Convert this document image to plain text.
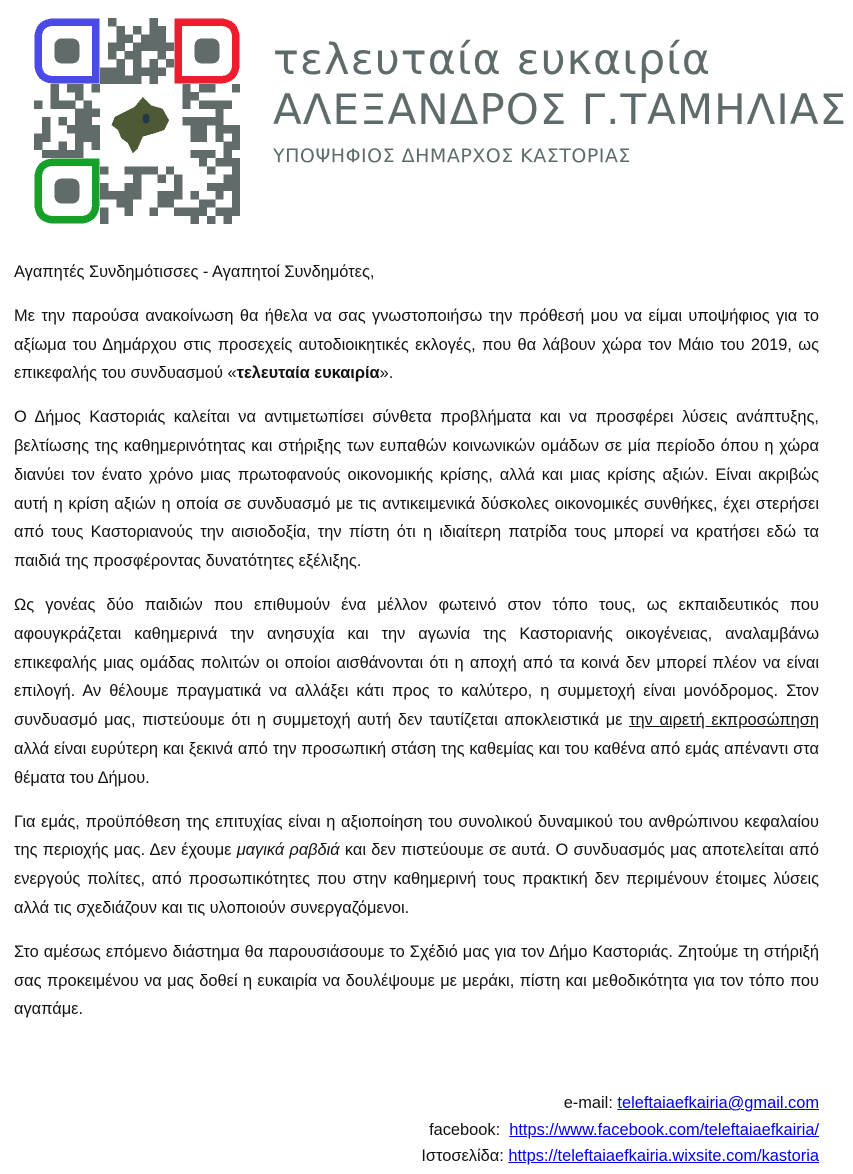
τελευταία ευκαιρία
ΑΛΕΞΑΝΔΡΟΣ Γ.ΤΑΜΗΛΙΑΣ
ΥΠΟΨΗΦΙΟΣ ΔΗΜΑΡΧΟΣ ΚΑΣΤΟΡΙΑΣ

Αγαπητές Συνδημότισσες - Αγαπητοί Συνδημότες,

Με την παρούσα ανακοίνωση θα ήθελα να σας γνωστοποιήσω την πρόθεσή μου να είμαι υποψήφιος για το αξίωμα του Δημάρχου στις προσεχείς αυτοδιοικητικές εκλογές, που θα λάβουν χώρα τον Μάιο του 2019, ως επικεφαλής του συνδυασμού «τελευταία ευκαιρία».

Ο Δήμος Καστοριάς καλείται να αντιμετωπίσει σύνθετα προβλήματα και να προσφέρει λύσεις ανάπτυξης, βελτίωσης της καθημερινότητας και στήριξης των ευπαθών κοινωνικών ομάδων σε μία περίοδο όπου η χώρα διανύει τον ένατο χρόνο μιας πρωτοφανούς οικονομικής κρίσης, αλλά και μιας κρίσης αξιών. Είναι ακριβώς αυτή η κρίση αξιών η οποία σε συνδυασμό με τις αντικειμενικά δύσκολες οικονομικές συνθήκες, έχει στερήσει από τους Καστοριανούς την αισιοδοξία, την πίστη ότι η ιδιαίτερη πατρίδα τους μπορεί να κρατήσει εδώ τα παιδιά της προσφέροντας δυνατότητες εξέλιξης.

Ως γονέας δύο παιδιών που επιθυμούν ένα μέλλον φωτεινό στον τόπο τους, ως εκπαιδευτικός που αφουγκράζεται καθημερινά την ανησυχία και την αγωνία της Καστοριανής οικογένειας, αναλαμβάνω επικεφαλής μιας ομάδας πολιτών οι οποίοι αισθάνονται ότι η αποχή από τα κοινά δεν μπορεί πλέον να είναι επιλογή. Αν θέλουμε πραγματικά να αλλάξει κάτι προς το καλύτερο, η συμμετοχή είναι μονόδρομος. Στον συνδυασμό μας, πιστεύουμε ότι η συμμετοχή αυτή δεν ταυτίζεται αποκλειστικά με την αιρετή εκπροσώπηση αλλά είναι ευρύτερη και ξεκινά από την προσωπική στάση της καθεμίας και του καθένα από εμάς απέναντι στα θέματα του Δήμου.

Για εμάς, προϋπόθεση της επιτυχίας είναι η αξιοποίηση του συνολικού δυναμικού του ανθρώπινου κεφαλαίου της περιοχής μας. Δεν έχουμε μαγικά ραβδιά και δεν πιστεύουμε σε αυτά. Ο συνδυασμός μας αποτελείται από ενεργούς πολίτες, από προσωπικότητες που στην καθημερινή τους πρακτική δεν περιμένουν έτοιμες λύσεις αλλά τις σχεδιάζουν και τις υλοποιούν συνεργαζόμενοι.

Στο αμέσως επόμενο διάστημα θα παρουσιάσουμε το Σχέδιό μας για τον Δήμο Καστοριάς. Ζητούμε τη στήριξή σας προκειμένου να μας δοθεί η ευκαιρία να δουλέψουμε με μεράκι, πίστη και μεθοδικότητα για τον τόπο που αγαπάμε.

e-mail: teleftaiaefkairia@gmail.com
facebook:  https://www.facebook.com/teleftaiaefkairia/
Ιστοσελίδα: https://teleftaiaefkairia.wixsite.com/kastoria
